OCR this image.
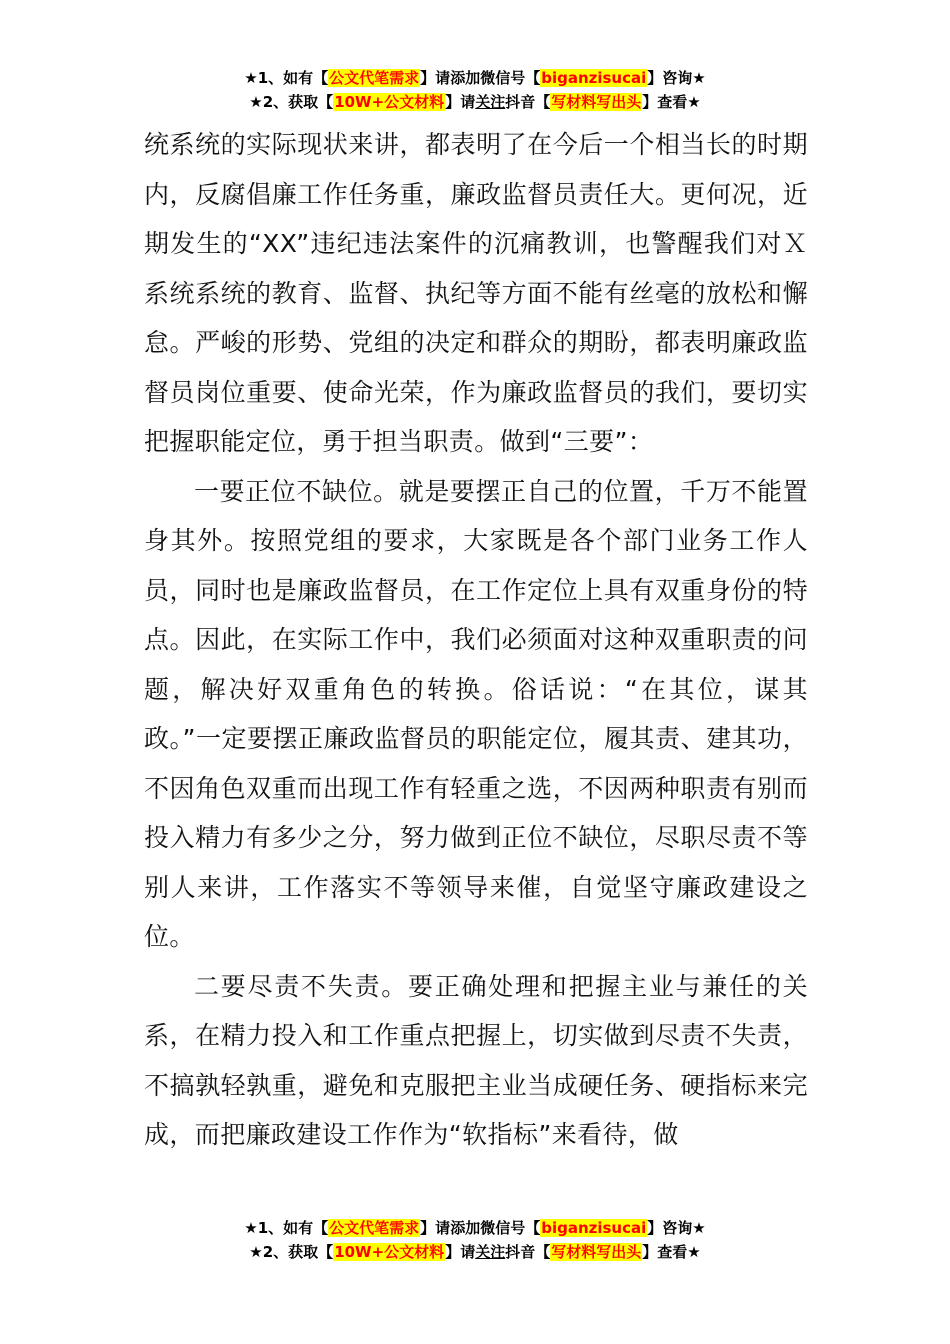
★1、如有【公文代笔需求】请添加微信号【biganzisucai】咨询★
★2、获取【10W+公文材料】请关注抖音【写材料写出头】查看★

统系统的实际现状来讲，都表明了在今后一个相当长的时期内，反腐倡廉工作任务重，廉政监督员责任大。更何况，近期发生的“XX”违纪违法案件的沉痛教训，也警醒我们对Ｘ系统系统的教育、监督、执纪等方面不能有丝毫的放松和懈怠。严峻的形势、党组的决定和群众的期盼，都表明廉政监督员岗位重要、使命光荣，作为廉政监督员的我们，要切实把握职能定位，勇于担当职责。做到“三要”：

一要正位不缺位。就是要摆正自己的位置，千万不能置身其外。按照党组的要求，大家既是各个部门业务工作人员，同时也是廉政监督员，在工作定位上具有双重身份的特点。因此，在实际工作中，我们必须面对这种双重职责的问题，解决好双重角色的转换。俗话说：“在其位，谋其政。”一定要摆正廉政监督员的职能定位，履其责、建其功，不因角色双重而出现工作有轻重之选，不因两种职责有别而投入精力有多少之分，努力做到正位不缺位，尽职尽责不等别人来讲，工作落实不等领导来催，自觉坚守廉政建设之位。

二要尽责不失责。要正确处理和把握主业与兼任的关系，在精力投入和工作重点把握上，切实做到尽责不失责，不搞孰轻孰重，避免和克服把主业当成硬任务、硬指标来完成，而把廉政建设工作作为“软指标”来看待，做

★1、如有【公文代笔需求】请添加微信号【biganzisucai】咨询★
★2、获取【10W+公文材料】请关注抖音【写材料写出头】查看★
